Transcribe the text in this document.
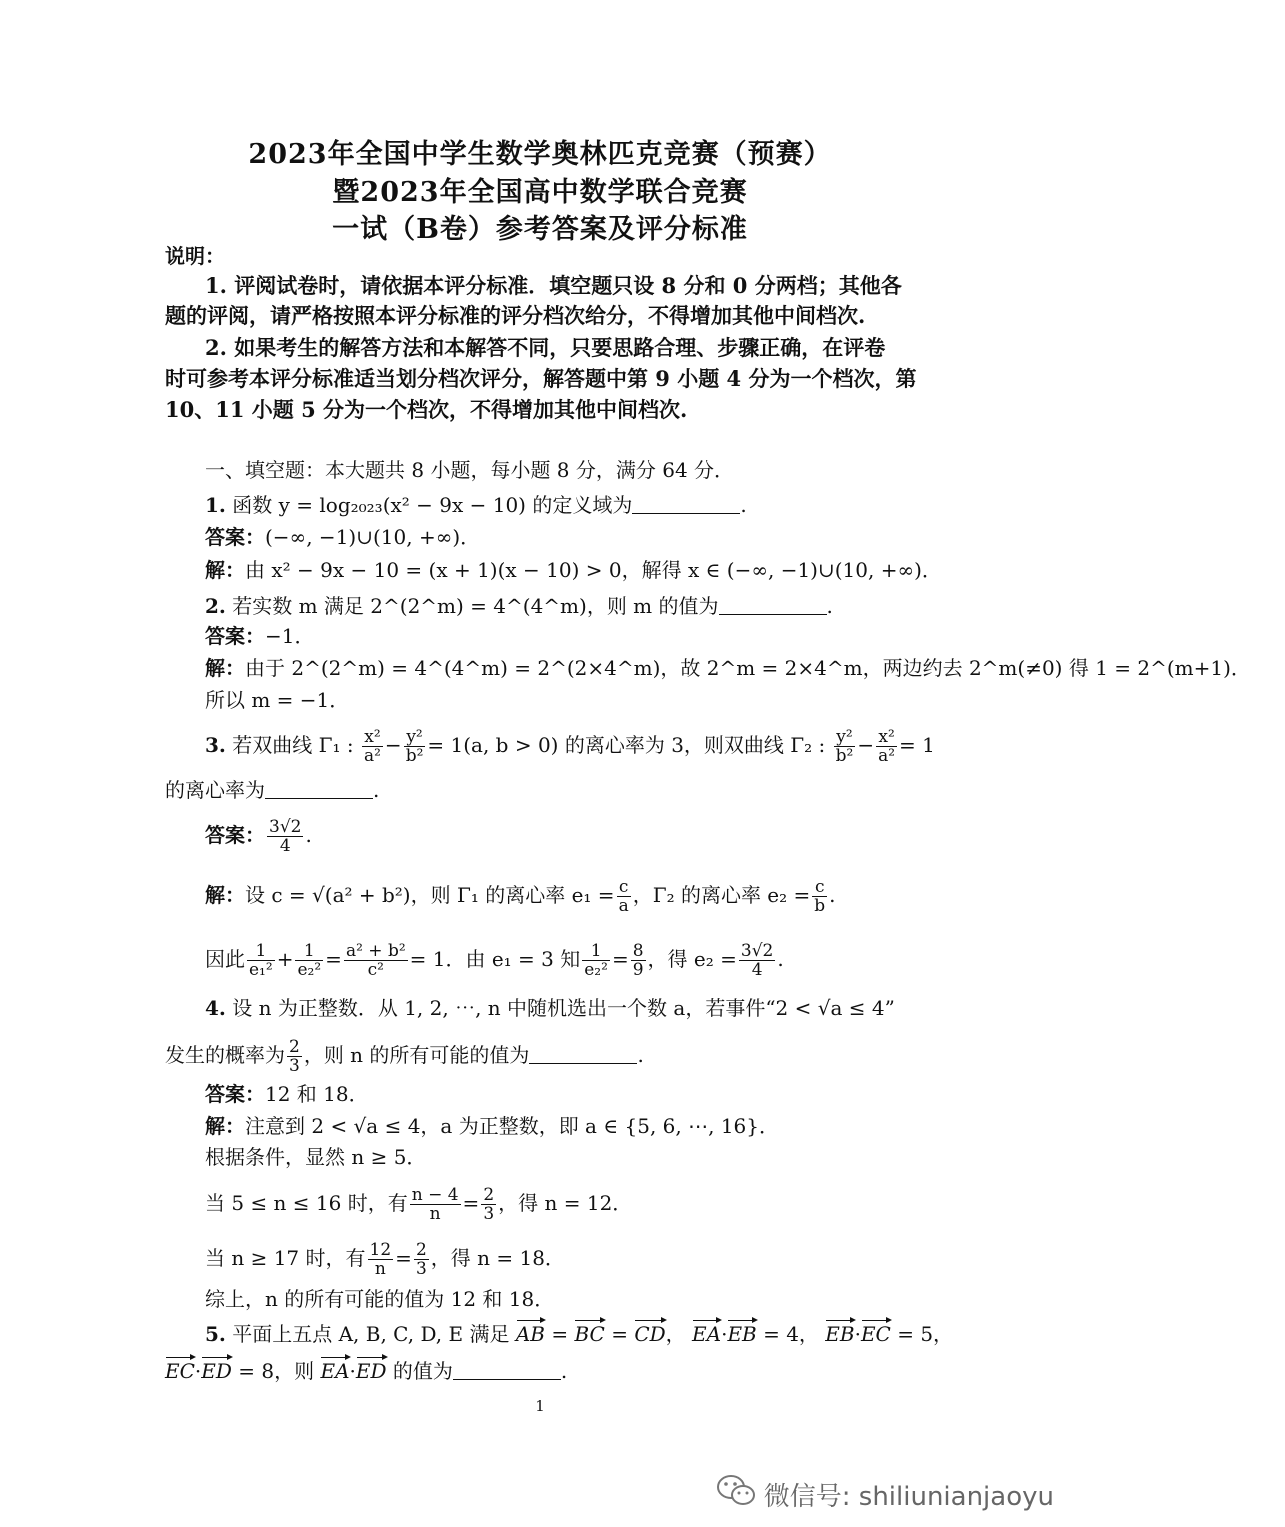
2023年全国中学生数学奥林匹克竞赛（预赛）
暨2023年全国高中数学联合竞赛
一试（B卷）参考答案及评分标准
说明：
1. 评阅试卷时，请依据本评分标准．填空题只设 8 分和 0 分两档；其他各
题的评阅，请严格按照本评分标准的评分档次给分，不得增加其他中间档次.
2. 如果考生的解答方法和本解答不同，只要思路合理、步骤正确，在评卷
时可参考本评分标准适当划分档次评分，解答题中第 9 小题 4 分为一个档次，第
10、11 小题 5 分为一个档次，不得增加其他中间档次.
一、填空题：本大题共 8 小题，每小题 8 分，满分 64 分．
1. 函数 y = log₂₀₂₃(x² − 9x − 10) 的定义域为	.
答案：(−∞, −1)∪(10, +∞)．
解：由 x² − 9x − 10 = (x + 1)(x − 10) > 0，解得 x ∈ (−∞, −1)∪(10, +∞)．
2. 若实数 m 满足 2^(2^m) = 4^(4^m)，则 m 的值为	.
答案：−1．
解：由于 2^(2^m) = 4^(4^m) = 2^(2×4^m)，故 2^m = 2×4^m，两边约去 2^m(≠0) 得 1 = 2^(m+1)．
所以 m = −1．
3. 若双曲线 Γ₁ : $\frac{\text{x²}}{\text{a²}} - \frac{\text{y²}}{\text{b²}} = 1(a$, b > 0) 的离心率为 3，则双曲线 Γ₂ : $\frac{\text{y²}}{\text{b²}} - \frac{\text{x²}}{\text{a²}} = 1$
的离心率为	.
答案： $\frac{3√2}{4}$ .
解：设 c = √(a² + b²)，则 Γ₁ 的离心率 $e_1 = \frac{c}{a}$ ，Γ₂ 的离心率 $e_2 = \frac{c}{b}$ .
因此 $\frac{1}{\text{e₁²}} + \frac{1}{\text{e₂²}} = \frac{\text{a² + b²}}{\text{c²}} = 1$．由 e₁ = 3 知 $\frac{1}{\text{e₂²}} = \frac{8}{9}$ ，得 $e_2 = \frac{3√2}{4}$ .
4. 设 n 为正整数．从 1, 2, ⋯, n 中随机选出一个数 a，若事件“2 < √a ≤ 4”
发生的概率为 $\frac{2}{3}$ ，则 n 的所有可能的值为	.
答案：12 和 18．
解：注意到 2 < √a ≤ 4，a 为正整数，即 a ∈ {5, 6, ⋯, 16}．
根据条件，显然 n ≥ 5．
当 5 ≤ n ≤ 16 时，有 $\frac{n - 4}{n} = \frac{2}{3}$ ，得 n = 12．
当 n ≥ 17 时，有 $\frac{12}{n} = \frac{2}{3}$ ，得 n = 18．
综上，n 的所有可能的值为 12 和 18．
5. 平面上五点 A, B, C, D, E 满足 AB = BC = CD， EA·EB = 4， EB·EC = 5，
EC·ED = 8，则 EA·ED 的值为	.
1
微信号: shiliunianjaoyu
